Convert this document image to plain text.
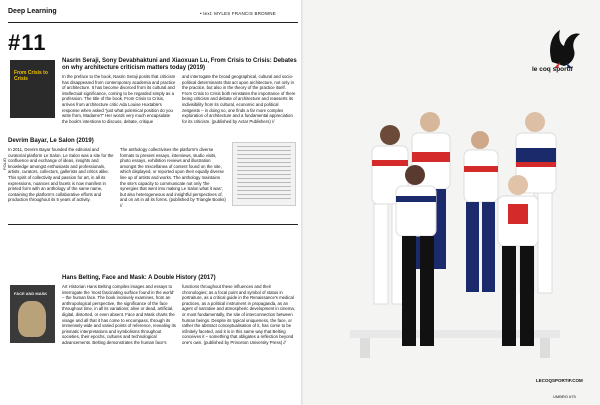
Deep Learning	• text: MYLES FRANCIS BROWNE
#11
FOLIO
From Crisis to Crisis
Nasrin Seraji, Sony Devabhaktuni and Xiaoxuan Lu, From Crisis to Crisis: Debates on why architecture criticism matters today (2019)
In the preface to the book, Nasrin Seraji posits that criticism has disappeared from contemporary academia and practice of architecture. It has become divorced from its cultural and intellectual significance, coming to be regarded simply as a profession. The title of the book, From Crisis to Crisis, arrives from architecture critic Ada Louise Huxtable's response when asked "just what polemical position do you write from, Madame?" Her words very much encapsulate the book's intentions to discuss, debate, critique
and interrogate the broad geographical, cultural and socio-political determinants that act upon architecture, not only in the practice, but also in the theory of the practice itself. From Crisis to Crisis both reinstates the importance of there being criticism and debate of architecture and reasserts its indivisibility from its cultural, economic and political zeitgeists – in doing so, one finds a far more complex exploration of architecture and a fundamental appreciation for its criticism. (published by Actar Publishers) //
Devrim Bayar, Le Salon (2019)
In 2011, Devrim Bayar founded the editorial and curatorial platform Le Salon. Le Salon was a site for the confluence and exchange of ideas, insights and knowledge amongst enthusiasts and professionals, artists, curators, collectors, gallerists and critics alike. This spirit of collectivity and passion for art, in all its expressions, nuances and facets is now manifest in printed form with an anthology of the same name, containing the platform's collaborative efforts and production throughout its 5 years of activity.
The anthology collectivises the platform's diverse formats to present essays, interviews, studio visits, photo essays, exhibition reviews and illustration amongst the miscellanea of content found on the site, which displayed, or reported upon their equally diverse line up of artists and works. The anthology maintains the site's capacity to communicate not only 'the synergies that went into making Le Salon what it was', but also heterogeneous and insightful perspectives of, and on art in all its forms. (published by Triangle Books) //
FACE AND MASK
Hans Belting, Face and Mask: A Double History (2017)
Art Historian Hans Belting compiles images and essays to interrogate the 'most fascinating surface found in the world' – the human face. The book incisively examines, from an anthropological perspective, the significance of the face throughout time, in all its variations; alive or dead, artificial, digital, distorted, or even absent. Face and Mask charts the visage and all that it has come to encompass, through its immensely wide and varied points of reference, revealing its prismatic interpretations and symbolisms throughout societies, their epochs, cultures and technological advancements. Belting demonstrates the human face's
functions throughout these influences and their chronologies; as a focal point and symbol of status in portraiture, as a critical guide in the Renaissance's medical practices, as a political instrument in propaganda, as an agent of narrative and atmospheric development in cinema, or most fundamentally, the site of interconnection between human beings. Despite its typical uniqueness, the face, or rather the abstract conceptualisation of it, has come to be infinitely faceted, and it is in this same way that Belting conceives it – something that obligates a reflection beyond one's own. (published by Princeton University Press) //
UMBRO #75
le coq sportif
LECOQSPORTIF.COM
